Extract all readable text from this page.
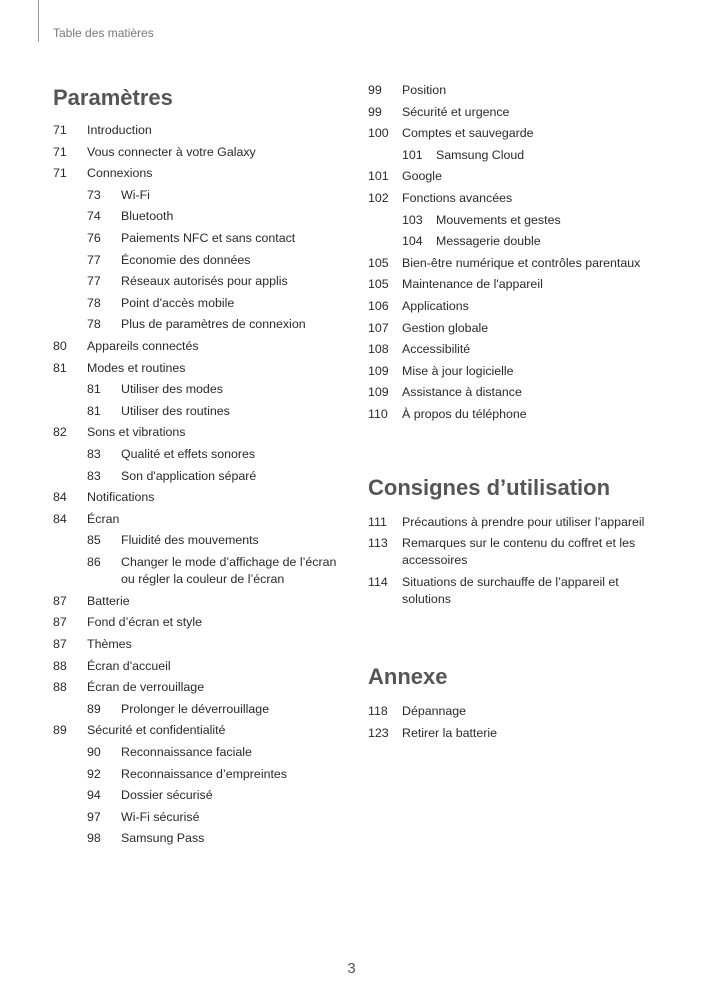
Table des matières
Paramètres
71	Introduction
71	Vous connecter à votre Galaxy
71	Connexions
73	Wi-Fi
74	Bluetooth
76	Paiements NFC et sans contact
77	Économie des données
77	Réseaux autorisés pour applis
78	Point d'accès mobile
78	Plus de paramètres de connexion
80	Appareils connectés
81	Modes et routines
81	Utiliser des modes
81	Utiliser des routines
82	Sons et vibrations
83	Qualité et effets sonores
83	Son d'application séparé
84	Notifications
84	Écran
85	Fluidité des mouvements
86	Changer le mode d’affichage de l’écran ou régler la couleur de l’écran
87	Batterie
87	Fond d’écran et style
87	Thèmes
88	Écran d'accueil
88	Écran de verrouillage
89	Prolonger le déverrouillage
89	Sécurité et confidentialité
90	Reconnaissance faciale
92	Reconnaissance d’empreintes
94	Dossier sécurisé
97	Wi-Fi sécurisé
98	Samsung Pass
99	Position
99	Sécurité et urgence
100	Comptes et sauvegarde
101	Samsung Cloud
101	Google
102	Fonctions avancées
103	Mouvements et gestes
104	Messagerie double
105	Bien-être numérique et contrôles parentaux
105	Maintenance de l'appareil
106	Applications
107	Gestion globale
108	Accessibilité
109	Mise à jour logicielle
109	Assistance à distance
110	À propos du téléphone
Consignes d’utilisation
111	Précautions à prendre pour utiliser l’appareil
113	Remarques sur le contenu du coffret et les accessoires
114	Situations de surchauffe de l’appareil et solutions
Annexe
118	Dépannage
123	Retirer la batterie
3
